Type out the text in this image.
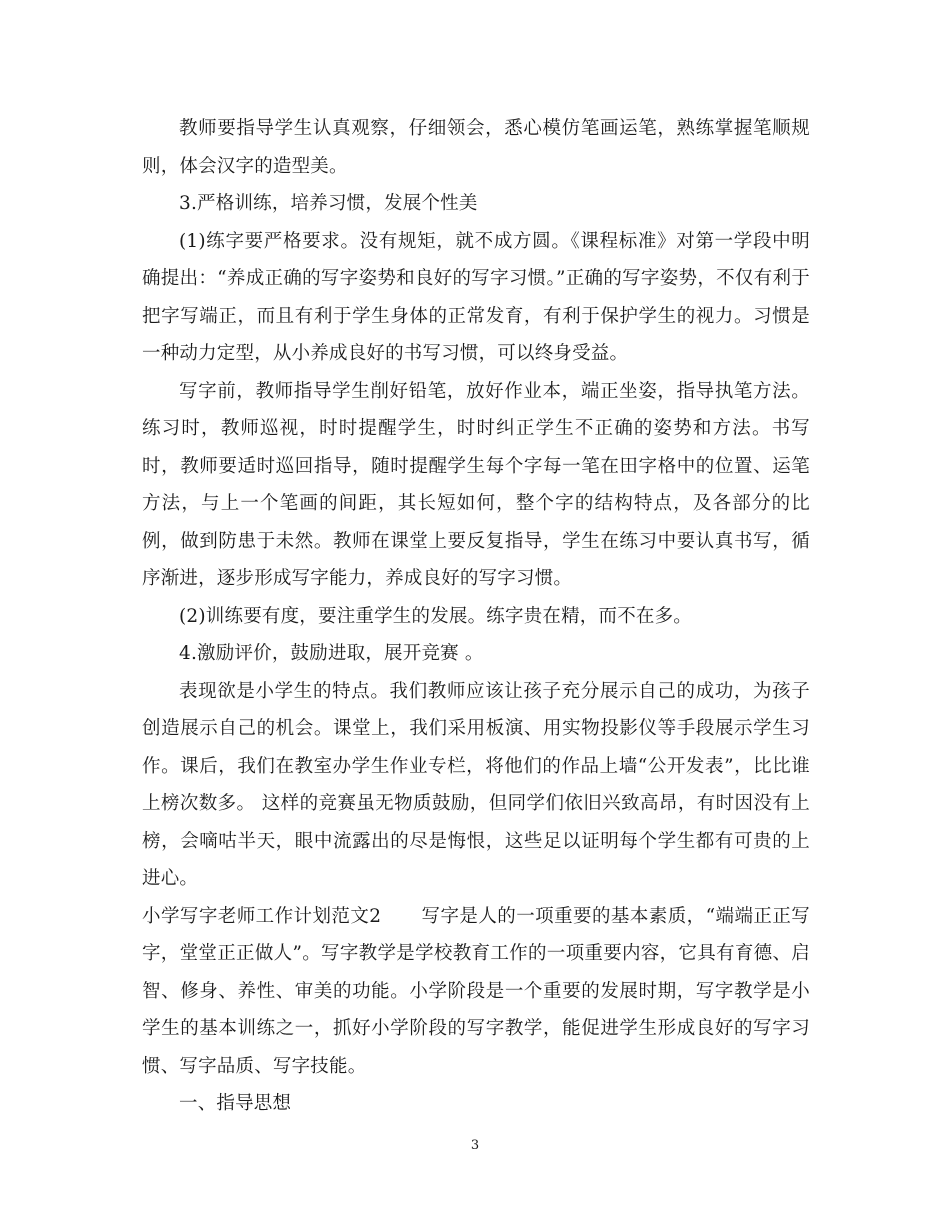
教师要指导学生认真观察，仔细领会，悉心模仿笔画运笔，熟练掌握笔顺规则，体会汉字的造型美。

3.严格训练，培养习惯，发展个性美

(1)练字要严格要求。没有规矩，就不成方圆。《课程标准》对第一学段中明确提出：“养成正确的写字姿势和良好的写字习惯。”正确的写字姿势，不仅有利于把字写端正，而且有利于学生身体的正常发育，有利于保护学生的视力。习惯是一种动力定型，从小养成良好的书写习惯，可以终身受益。

写字前，教师指导学生削好铅笔，放好作业本，端正坐姿，指导执笔方法。练习时，教师巡视，时时提醒学生，时时纠正学生不正确的姿势和方法。书写时，教师要适时巡回指导，随时提醒学生每个字每一笔在田字格中的位置、运笔方法，与上一个笔画的间距，其长短如何，整个字的结构特点，及各部分的比例，做到防患于未然。教师在课堂上要反复指导，学生在练习中要认真书写，循序渐进，逐步形成写字能力，养成良好的写字习惯。

(2)训练要有度，要注重学生的发展。练字贵在精，而不在多。

4.激励评价，鼓励进取，展开竞赛 。

表现欲是小学生的特点。我们教师应该让孩子充分展示自己的成功，为孩子创造展示自己的机会。课堂上，我们采用板演、用实物投影仪等手段展示学生习作。课后，我们在教室办学生作业专栏，将他们的作品上墙“公开发表”，比比谁上榜次数多。 这样的竞赛虽无物质鼓励，但同学们依旧兴致高昂，有时因没有上榜，会嘀咕半天，眼中流露出的尽是悔恨，这些足以证明每个学生都有可贵的上进心。

小学写字老师工作计划范文2 写字是人的一项重要的基本素质，“端端正正写字，堂堂正正做人”。写字教学是学校教育工作的一项重要内容，它具有育德、启智、修身、养性、审美的功能。小学阶段是一个重要的发展时期，写字教学是小学生的基本训练之一，抓好小学阶段的写字教学，能促进学生形成良好的写字习惯、写字品质、写字技能。

一、指导思想

3
